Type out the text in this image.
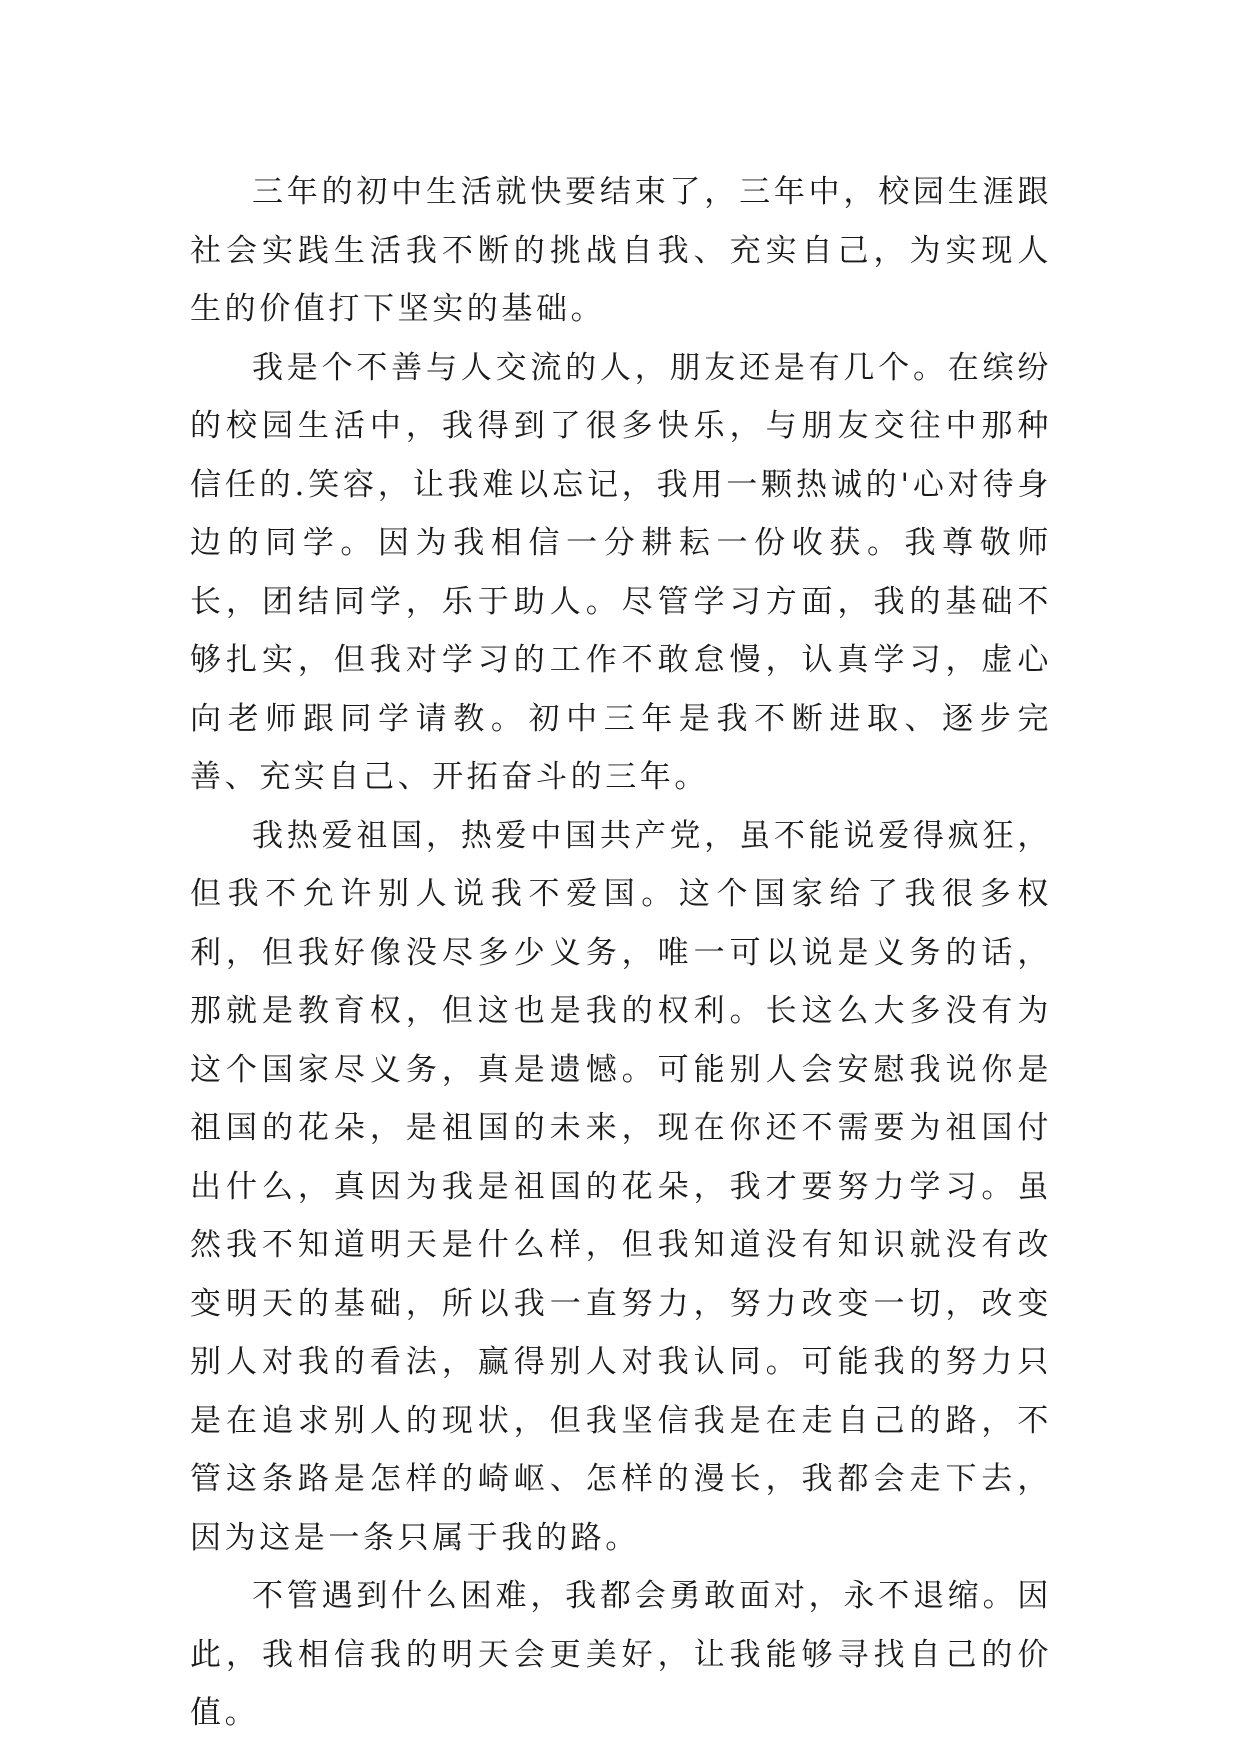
三年的初中生活就快要结束了，三年中，校园生涯跟社会实践生活我不断的挑战自我、充实自己，为实现人生的价值打下坚实的基础。

我是个不善与人交流的人，朋友还是有几个。在缤纷的校园生活中，我得到了很多快乐，与朋友交往中那种信任的.笑容，让我难以忘记，我用一颗热诚的'心对待身边的同学。因为我相信一分耕耘一份收获。我尊敬师长，团结同学，乐于助人。尽管学习方面，我的基础不够扎实，但我对学习的工作不敢怠慢，认真学习，虚心向老师跟同学请教。初中三年是我不断进取、逐步完善、充实自己、开拓奋斗的三年。

我热爱祖国，热爱中国共产党，虽不能说爱得疯狂，但我不允许别人说我不爱国。这个国家给了我很多权利，但我好像没尽多少义务，唯一可以说是义务的话，那就是教育权，但这也是我的权利。长这么大多没有为这个国家尽义务，真是遗憾。可能别人会安慰我说你是祖国的花朵，是祖国的未来，现在你还不需要为祖国付出什么，真因为我是祖国的花朵，我才要努力学习。虽然我不知道明天是什么样，但我知道没有知识就没有改变明天的基础，所以我一直努力，努力改变一切，改变别人对我的看法，赢得别人对我认同。可能我的努力只是在追求别人的现状，但我坚信我是在走自己的路，不管这条路是怎样的崎岖、怎样的漫长，我都会走下去，因为这是一条只属于我的路。

不管遇到什么困难，我都会勇敢面对，永不退缩。因此，我相信我的明天会更美好，让我能够寻找自己的价值。
